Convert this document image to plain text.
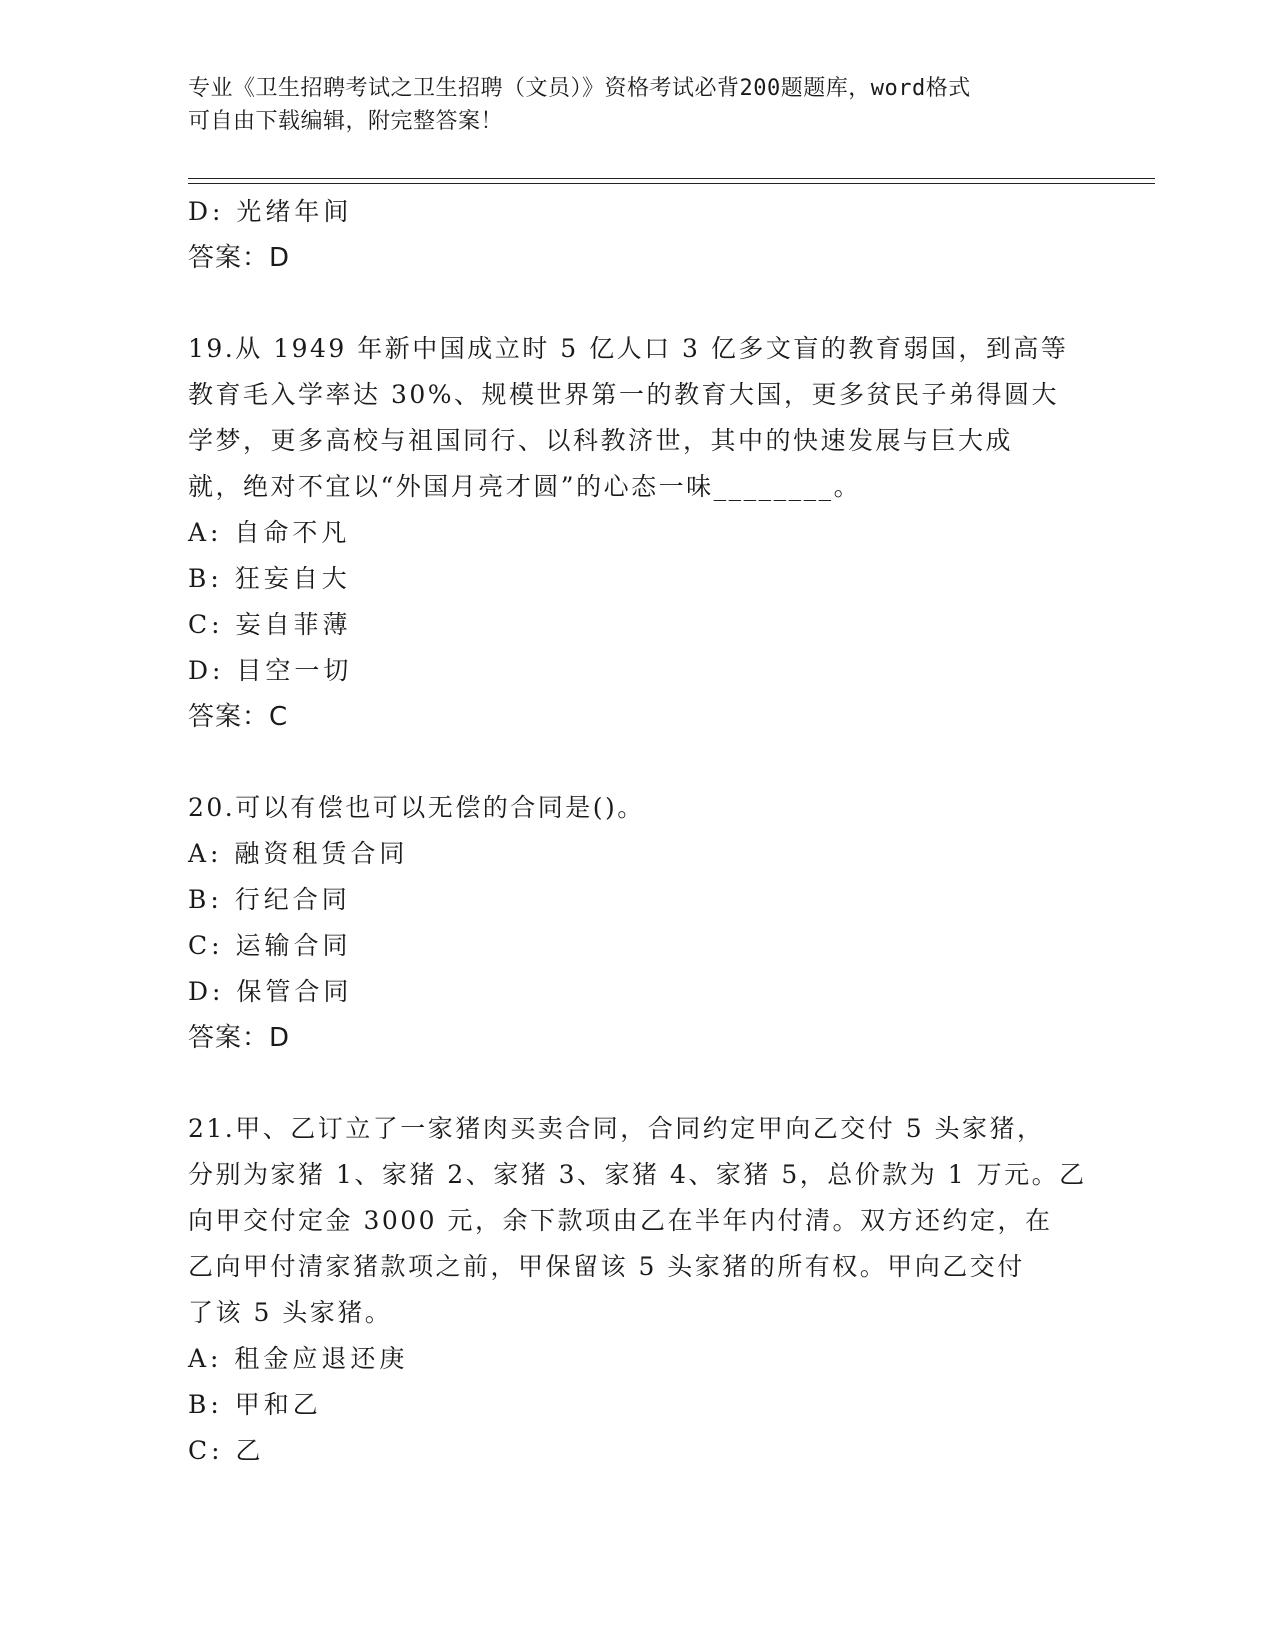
专业《卫生招聘考试之卫生招聘（文员）》资格考试必背200题题库，word格式
可自由下载编辑，附完整答案！
D: 光绪年间
答案：D
19.从 1949 年新中国成立时 5 亿人口 3 亿多文盲的教育弱国，到高等
教育毛入学率达 30%、规模世界第一的教育大国，更多贫民子弟得圆大
学梦，更多高校与祖国同行、以科教济世，其中的快速发展与巨大成
就，绝对不宜以“外国月亮才圆”的心态一味________。
A: 自命不凡
B: 狂妄自大
C: 妄自菲薄
D: 目空一切
答案：C
20.可以有偿也可以无偿的合同是()。
A: 融资租赁合同
B: 行纪合同
C: 运输合同
D: 保管合同
答案：D
21.甲、乙订立了一家猪肉买卖合同，合同约定甲向乙交付 5 头家猪，
分别为家猪 1、家猪 2、家猪 3、家猪 4、家猪 5，总价款为 1 万元。乙
向甲交付定金 3000 元，余下款项由乙在半年内付清。双方还约定，在
乙向甲付清家猪款项之前，甲保留该 5 头家猪的所有权。甲向乙交付
了该 5 头家猪。
A: 租金应退还庚
B: 甲和乙
C: 乙
